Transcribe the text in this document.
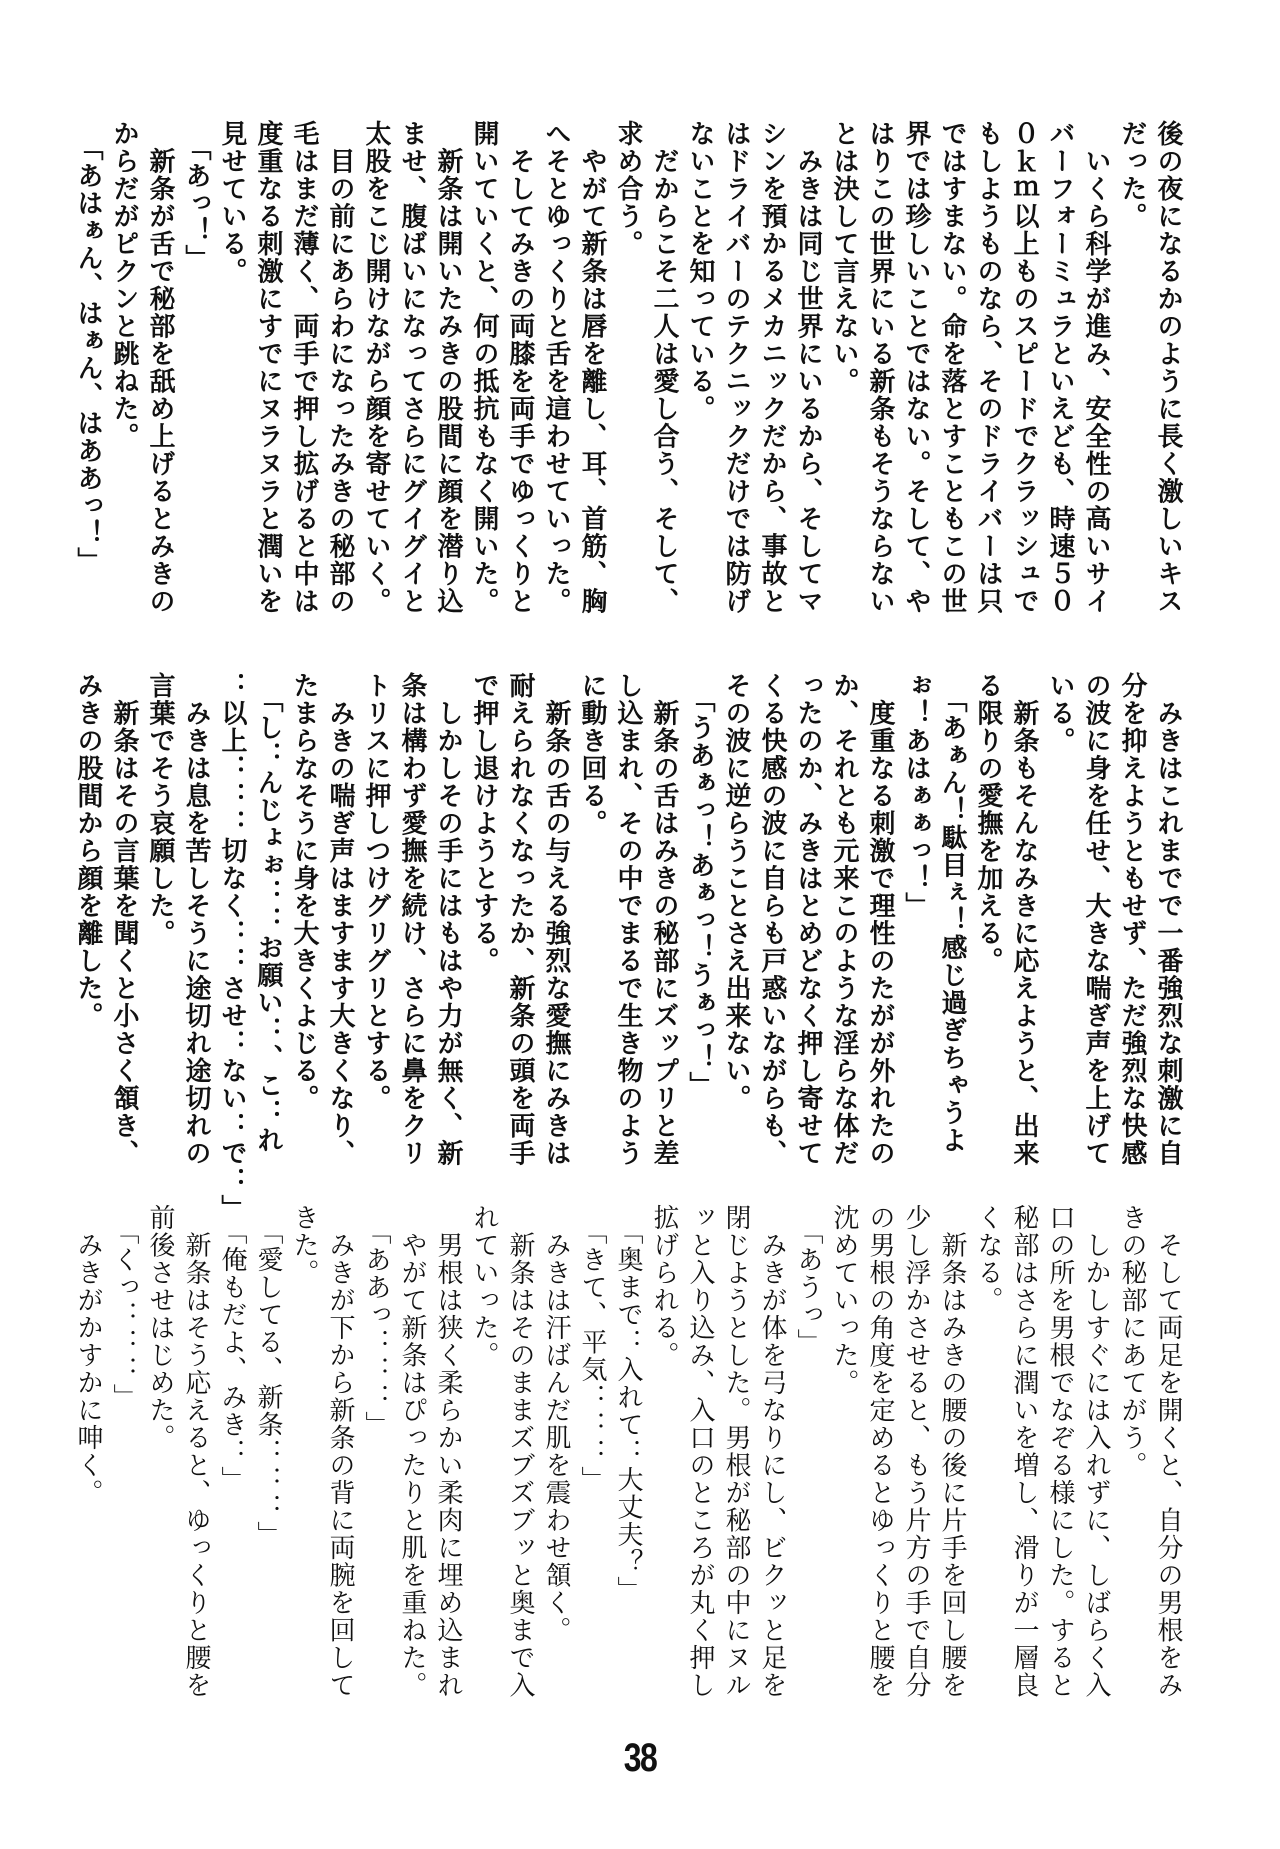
後の夜になるかのように長く激しいキス
だった。
　いくら科学が進み、安全性の高いサイ
バーフォーミュラといえども、時速５０
０ｋｍ以上ものスピードでクラッシュで
もしようものなら、そのドライバーは只
ではすまない。命を落とすこともこの世
界では珍しいことではない。そして、や
はりこの世界にいる新条もそうならない
とは決して言えない。
　みきは同じ世界にいるから、そしてマ
シンを預かるメカニックだから、事故と
はドライバーのテクニックだけでは防げ
ないことを知っている。
　だからこそ二人は愛し合う、そして、
求め合う。
　やがて新条は唇を離し、耳、首筋、胸
へそとゆっくりと舌を這わせていった。
　そしてみきの両膝を両手でゆっくりと
開いていくと、何の抵抗もなく開いた。
　新条は開いたみきの股間に顔を潜り込
ませ、腹ばいになってさらにグイグイと
太股をこじ開けながら顔を寄せていく。
　目の前にあらわになったみきの秘部の
毛はまだ薄く、両手で押し拡げると中は
度重なる刺激にすでにヌラヌラと潤いを
見せている。
　「あっ！」
　新条が舌で秘部を舐め上げるとみきの
からだがピクンと跳ねた。
　「あはぁん、はぁん、はああっ！」
　みきはこれまでで一番強烈な刺激に自
分を抑えようともせず、ただ強烈な快感
の波に身を任せ、大きな喘ぎ声を上げて
いる。
　新条もそんなみきに応えようと、出来
る限りの愛撫を加える。
　「あぁん！駄目ぇ！感じ過ぎちゃうよ
ぉ！あはぁぁっ！」
　度重なる刺激で理性のたがが外れたの
か、それとも元来このような淫らな体だ
ったのか、みきはとめどなく押し寄せて
くる快感の波に自らも戸惑いながらも、
その波に逆らうことさえ出来ない。
　「うあぁっ！あぁっ！うぁっ！」
　新条の舌はみきの秘部にズップリと差
し込まれ、その中でまるで生き物のよう
に動き回る。
　新条の舌の与える強烈な愛撫にみきは
耐えられなくなったか、新条の頭を両手
で押し退けようとする。
　しかしその手にはもはや力が無く、新
条は構わず愛撫を続け、さらに鼻をクリ
トリスに押しつけグリグリとする。
　みきの喘ぎ声はますます大きくなり、
たまらなそうに身を大きくよじる。
　「し：んじょぉ：：お願い：、こ：れ
：以上：：：切なく：：させ：ない：で：」
　みきは息を苦しそうに途切れ途切れの
言葉でそう哀願した。
　新条はその言葉を聞くと小さく頷き、
みきの股間から顔を離した。
　そして両足を開くと、自分の男根をみ
きの秘部にあてがう。
　しかしすぐには入れずに、しばらく入
口の所を男根でなぞる様にした。すると
秘部はさらに潤いを増し、滑りが一層良
くなる。
　新条はみきの腰の後に片手を回し腰を
少し浮かさせると、もう片方の手で自分
の男根の角度を定めるとゆっくりと腰を
沈めていった。
　「あうっ」
　みきが体を弓なりにし、ビクッと足を
閉じようとした。男根が秘部の中にヌル
ッと入り込み、入口のところが丸く押し
拡げられる。
　「奥まで：入れて：大丈夫？」
　「きて、平気：：：」
　みきは汗ばんだ肌を震わせ頷く。
　新条はそのままズブズブッと奥まで入
れていった。
　男根は狭く柔らかい柔肉に埋め込まれ
　やがて新条はぴったりと肌を重ねた。
　「ああっ：：：」
　みきが下から新条の背に両腕を回して
きた。
　「愛してる、新条：：：」
　「俺もだよ、みき：」
　新条はそう応えると、ゆっくりと腰を
前後させはじめた。
　「くっ：：：」
　みきがかすかに呻く。
38
